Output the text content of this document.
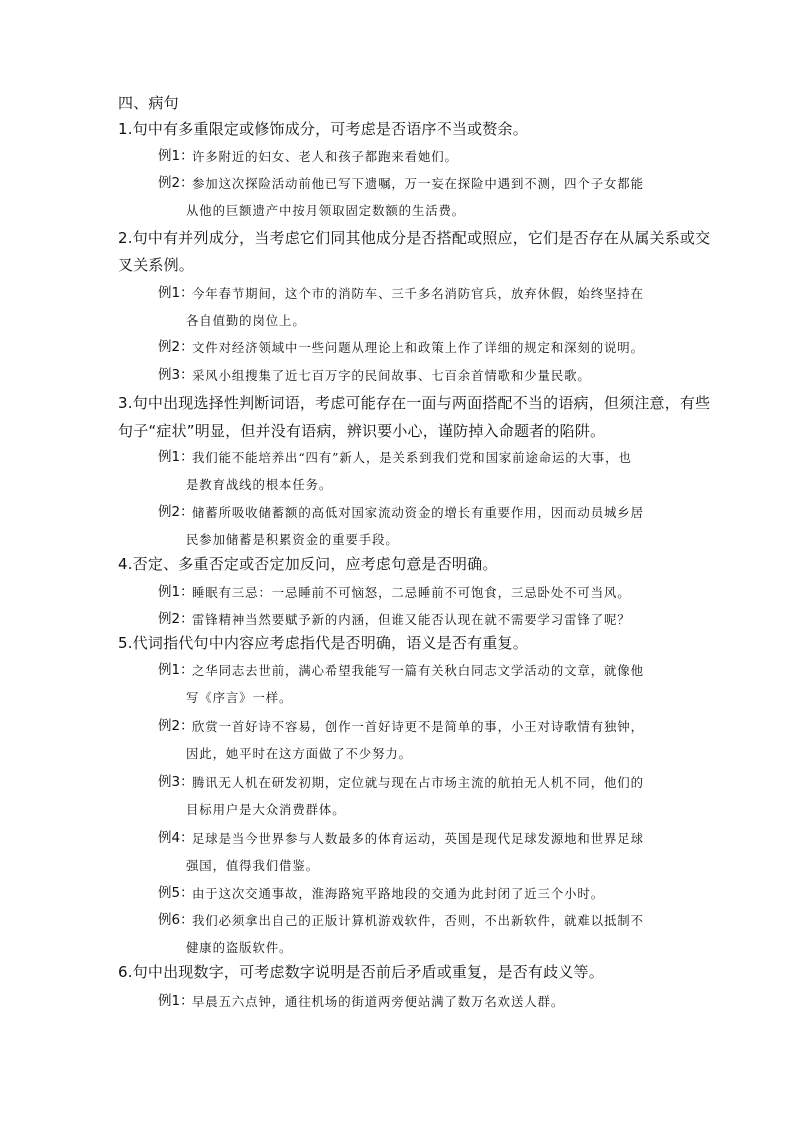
四、病句
1.句中有多重限定或修饰成分，可考虑是否语序不当或赘余。
例1：
许多附近的妇女、老人和孩子都跑来看她们。
例2：
参加这次探险活动前他已写下遗嘱，万一妄在探险中遇到不测，四个子女都能
从他的巨额遗产中按月领取固定数额的生活费。
2.句中有并列成分，当考虑它们同其他成分是否搭配或照应，它们是否存在从属关系或交
叉关系例。
例1：
今年春节期间，这个市的消防车、三千多名消防官兵，放弃休假，始终坚持在
各自值勤的岗位上。
例2：
文件对经济领域中一些问题从理论上和政策上作了详细的规定和深刻的说明。
例3：
采风小组搜集了近七百万字的民间故事、七百余首情歌和少量民歌。
3.句中出现选择性判断词语，考虑可能存在一面与两面搭配不当的语病，但须注意，有些
句子“症状”明显，但并没有语病，辨识要小心，谨防掉入命题者的陷阱。
例1：
我们能不能培养出“四有”新人，是关系到我们党和国家前途命运的大事，也
是教育战线的根本任务。
例2：
储蓄所吸收储蓄额的高低对国家流动资金的增长有重要作用，因而动员城乡居
民参加储蓄是积累资金的重要手段。
4.否定、多重否定或否定加反问，应考虑句意是否明确。
例1：
睡眠有三忌：一忌睡前不可恼怒，二忌睡前不可饱食，三忌卧处不可当风。
例2：
雷锋精神当然要赋予新的内涵，但谁又能否认现在就不需要学习雷锋了呢？
5.代词指代句中内容应考虑指代是否明确，语义是否有重复。
例1：
之华同志去世前，满心希望我能写一篇有关秋白同志文学活动的文章，就像他
写《序言》一样。
例2：
欣赏一首好诗不容易，创作一首好诗更不是简单的事，小王对诗歌情有独钟，
因此，她平时在这方面做了不少努力。
例3：
腾讯无人机在研发初期，定位就与现在占市场主流的航拍无人机不同，他们的
目标用户是大众消费群体。
例4：
足球是当今世界参与人数最多的体育运动，英国是现代足球发源地和世界足球
强国，值得我们借鉴。
例5：
由于这次交通事故，淮海路宛平路地段的交通为此封闭了近三个小时。
例6：
我们必须拿出自己的正版计算机游戏软件，否则，不出新软件，就难以抵制不
健康的盗版软件。
6.句中出现数字，可考虑数字说明是否前后矛盾或重复，是否有歧义等。
例1：
早晨五六点钟，通往机场的街道两旁便站满了数万名欢送人群。
